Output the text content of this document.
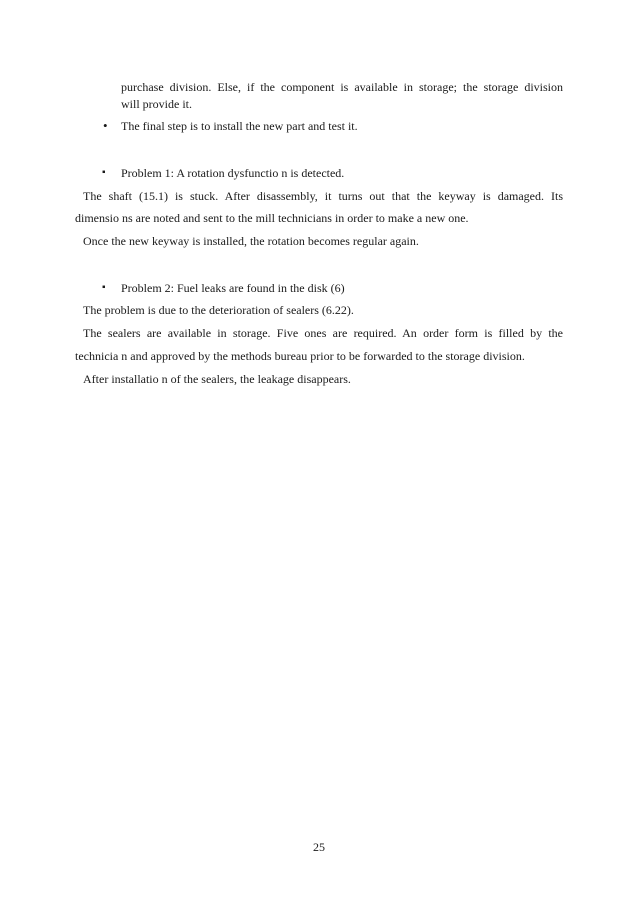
purchase division. Else, if the component is available in storage; the storage division
will provide it.
• The final step is to install the new part and test it.
▪ Problem 1: A rotation dysfunctio n is detected.
The shaft (15.1) is stuck. After disassembly, it turns out that the keyway is damaged. Its
dimensio ns are noted and sent to the mill technicians in order to make a new one.
Once the new keyway is installed, the rotation becomes regular again.
▪ Problem 2: Fuel leaks are found in the disk (6)
The problem is due to the deterioration of sealers (6.22).
The sealers are available in storage. Five ones are required. An order form is filled by the
technicia n and approved by the methods bureau prior to be forwarded to the storage division.
After installatio n of the sealers, the leakage disappears.
25
